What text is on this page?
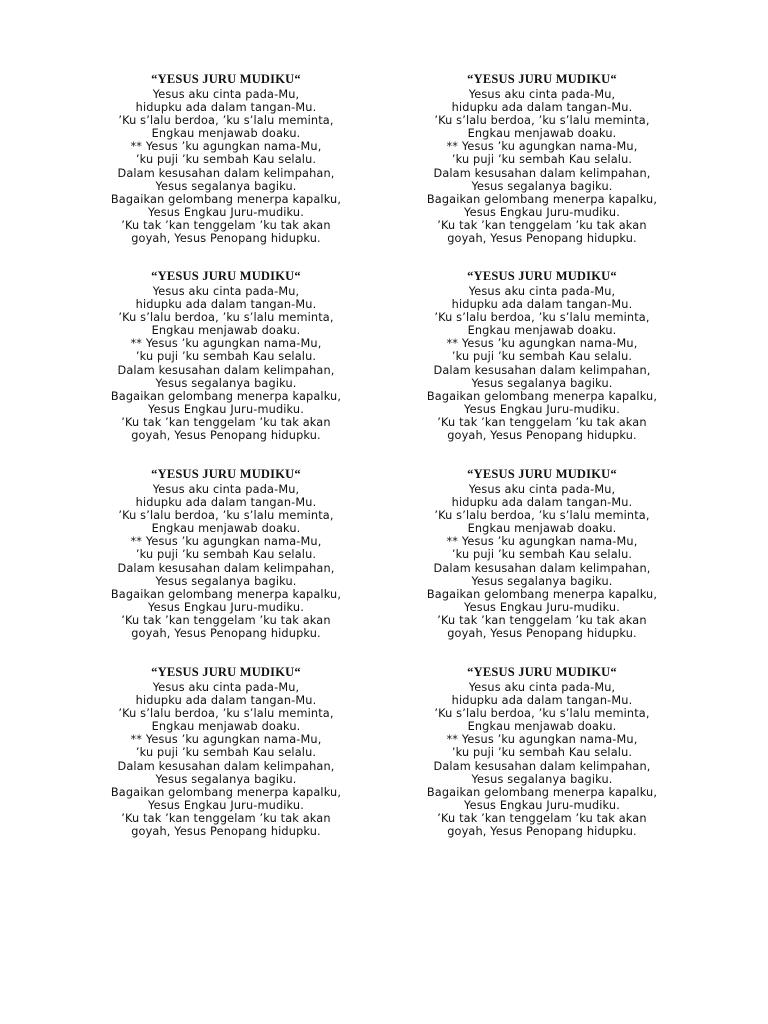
“YESUS JURU MUDIKU“

Yesus aku cinta pada-Mu,

hidupku ada dalam tangan-Mu.

’Ku s’lalu berdoa, ’ku s’lalu meminta,

Engkau menjawab doaku.

** Yesus ’ku agungkan nama-Mu,

’ku puji ’ku sembah Kau selalu.

Dalam kesusahan dalam kelimpahan,

Yesus segalanya bagiku.

Bagaikan gelombang menerpa kapalku,

Yesus Engkau Juru-mudiku.

’Ku tak ’kan tenggelam ’ku tak akan

goyah, Yesus Penopang hidupku.

“YESUS JURU MUDIKU“

Yesus aku cinta pada-Mu,

hidupku ada dalam tangan-Mu.

’Ku s’lalu berdoa, ’ku s’lalu meminta,

Engkau menjawab doaku.

** Yesus ’ku agungkan nama-Mu,

’ku puji ’ku sembah Kau selalu.

Dalam kesusahan dalam kelimpahan,

Yesus segalanya bagiku.

Bagaikan gelombang menerpa kapalku,

Yesus Engkau Juru-mudiku.

’Ku tak ’kan tenggelam ’ku tak akan

goyah, Yesus Penopang hidupku.

“YESUS JURU MUDIKU“

Yesus aku cinta pada-Mu,

hidupku ada dalam tangan-Mu.

’Ku s’lalu berdoa, ’ku s’lalu meminta,

Engkau menjawab doaku.

** Yesus ’ku agungkan nama-Mu,

’ku puji ’ku sembah Kau selalu.

Dalam kesusahan dalam kelimpahan,

Yesus segalanya bagiku.

Bagaikan gelombang menerpa kapalku,

Yesus Engkau Juru-mudiku.

’Ku tak ’kan tenggelam ’ku tak akan

goyah, Yesus Penopang hidupku.

“YESUS JURU MUDIKU“

Yesus aku cinta pada-Mu,

hidupku ada dalam tangan-Mu.

’Ku s’lalu berdoa, ’ku s’lalu meminta,

Engkau menjawab doaku.

** Yesus ’ku agungkan nama-Mu,

’ku puji ’ku sembah Kau selalu.

Dalam kesusahan dalam kelimpahan,

Yesus segalanya bagiku.

Bagaikan gelombang menerpa kapalku,

Yesus Engkau Juru-mudiku.

’Ku tak ’kan tenggelam ’ku tak akan

goyah, Yesus Penopang hidupku.

“YESUS JURU MUDIKU“

Yesus aku cinta pada-Mu,

hidupku ada dalam tangan-Mu.

’Ku s’lalu berdoa, ’ku s’lalu meminta,

Engkau menjawab doaku.

** Yesus ’ku agungkan nama-Mu,

’ku puji ’ku sembah Kau selalu.

Dalam kesusahan dalam kelimpahan,

Yesus segalanya bagiku.

Bagaikan gelombang menerpa kapalku,

Yesus Engkau Juru-mudiku.

’Ku tak ’kan tenggelam ’ku tak akan

goyah, Yesus Penopang hidupku.

“YESUS JURU MUDIKU“

Yesus aku cinta pada-Mu,

hidupku ada dalam tangan-Mu.

’Ku s’lalu berdoa, ’ku s’lalu meminta,

Engkau menjawab doaku.

** Yesus ’ku agungkan nama-Mu,

’ku puji ’ku sembah Kau selalu.

Dalam kesusahan dalam kelimpahan,

Yesus segalanya bagiku.

Bagaikan gelombang menerpa kapalku,

Yesus Engkau Juru-mudiku.

’Ku tak ’kan tenggelam ’ku tak akan

goyah, Yesus Penopang hidupku.

“YESUS JURU MUDIKU“

Yesus aku cinta pada-Mu,

hidupku ada dalam tangan-Mu.

’Ku s’lalu berdoa, ’ku s’lalu meminta,

Engkau menjawab doaku.

** Yesus ’ku agungkan nama-Mu,

’ku puji ’ku sembah Kau selalu.

Dalam kesusahan dalam kelimpahan,

Yesus segalanya bagiku.

Bagaikan gelombang menerpa kapalku,

Yesus Engkau Juru-mudiku.

’Ku tak ’kan tenggelam ’ku tak akan

goyah, Yesus Penopang hidupku.

“YESUS JURU MUDIKU“

Yesus aku cinta pada-Mu,

hidupku ada dalam tangan-Mu.

’Ku s’lalu berdoa, ’ku s’lalu meminta,

Engkau menjawab doaku.

** Yesus ’ku agungkan nama-Mu,

’ku puji ’ku sembah Kau selalu.

Dalam kesusahan dalam kelimpahan,

Yesus segalanya bagiku.

Bagaikan gelombang menerpa kapalku,

Yesus Engkau Juru-mudiku.

’Ku tak ’kan tenggelam ’ku tak akan

goyah, Yesus Penopang hidupku.
